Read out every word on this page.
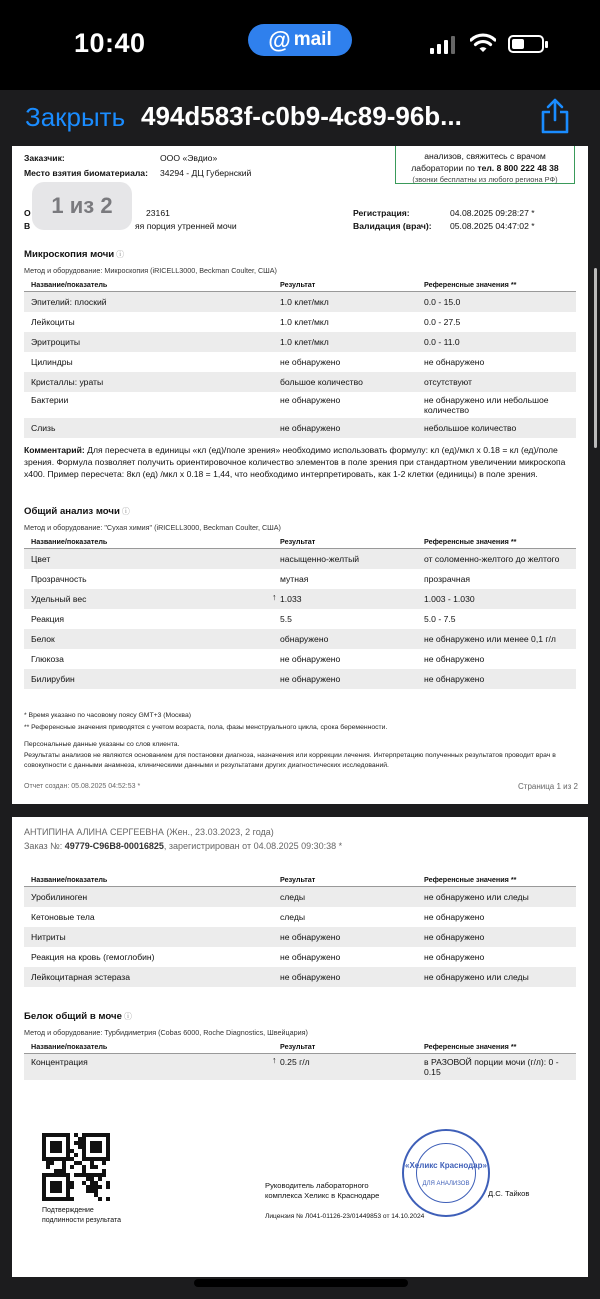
10:40	@ mail
Закрыть 494d583f-c0b9-4c89-96b...
анализов, свяжитесь с врачом
лаборатории по тел. 8 800 222 48 38
(звонки бесплатны из любого региона РФ)
Заказчик:	ООО «Эвдио»
Место взятия биоматериала: 34294 - ДЦ Губернский
О	23161
В	яя порция утренней мочи
Регистрация:	04.08.2025 09:28:27 *
Валидация (врач): 05.08.2025 04:47:02 *
1 из 2
Микроскопия мочи ⓘ
Метод и оборудование: Микроскопия (iRICELL3000, Beckman Coulter, США)
Название/показатель	Результат	Референсные значения **
Эпителий: плоский	1.0 клет/мкл	0.0 - 15.0
Лейкоциты	1.0 клет/мкл	0.0 - 27.5
Эритроциты	1.0 клет/мкл	0.0 - 11.0
Цилиндры	не обнаружено	не обнаружено
Кристаллы: ураты	большое количество	отсутствуют
Бактерии	не обнаружено	не обнаружено или небольшое количество
Слизь	не обнаружено	небольшое количество
Комментарий: Для пересчета в единицы «кл (ед)/поле зрения» необходимо использовать формулу: кл (ед)/мкл х 0.18 = кл (ед)/поле зрения. Формула позволяет получить ориентировочное количество элементов в поле зрения при стандартном увеличении микроскопа х400. Пример пересчета: 8кл (ед) /мкл х 0.18 = 1,44, что необходимо интерпретировать, как 1-2 клетки (единицы) в поле зрения.
Общий анализ мочи ⓘ
Метод и оборудование: "Сухая химия" (iRICELL3000, Beckman Coulter, США)
Название/показатель	Результат	Референсные значения **
Цвет	насыщенно-желтый	от соломенно-желтого до желтого
Прозрачность	мутная	прозрачная
Удельный вес	↑ 1.033	1.003 - 1.030
Реакция	5.5	5.0 - 7.5
Белок	обнаружено	не обнаружено или менее 0,1 г/л
Глюкоза	не обнаружено	не обнаружено
Билирубин	не обнаружено	не обнаружено
* Время указано по часовому поясу GMT+3 (Москва)
** Референсные значения приводятся с учетом возраста, пола, фазы менструального цикла, срока беременности.
Персональные данные указаны со слов клиента.
Результаты анализов не являются основанием для постановки диагноза, назначения или коррекции лечения. Интерпретацию полученных результатов проводит врач в совокупности с данными анамнеза, клиническими данными и результатами других диагностических исследований.
Отчет создан: 05.08.2025 04:52:53 *	Страница 1 из 2
АНТИПИНА АЛИНА СЕРГЕЕВНА (Жен., 23.03.2023, 2 года)
Заказ №: 49779-C96B8-00016825, зарегистрирован от 04.08.2025 09:30:38 *
Название/показатель	Результат	Референсные значения **
Уробилиноген	следы	не обнаружено или следы
Кетоновые тела	следы	не обнаружено
Нитриты	не обнаружено	не обнаружено
Реакция на кровь (гемоглобин)	не обнаружено	не обнаружено
Лейкоцитарная эстераза	не обнаружено	не обнаружено или следы
Белок общий в моче ⓘ
Метод и оборудование: Турбидиметрия (Cobas 6000, Roche Diagnostics, Швейцария)
Название/показатель	Результат	Референсные значения **
Концентрация	↑ 0.25 г/л	в РАЗОВОЙ порции мочи (г/л): 0 - 0.15
Подтверждение
подлинности результата
«Хеликс Краснодар»
ДЛЯ АНАЛИЗОВ
Руководитель лабораторного
комплекса Хеликс в Краснодаре	Д.С. Тайков
Лицензия № Л041-01126-23/01449853 от 14.10.2024
